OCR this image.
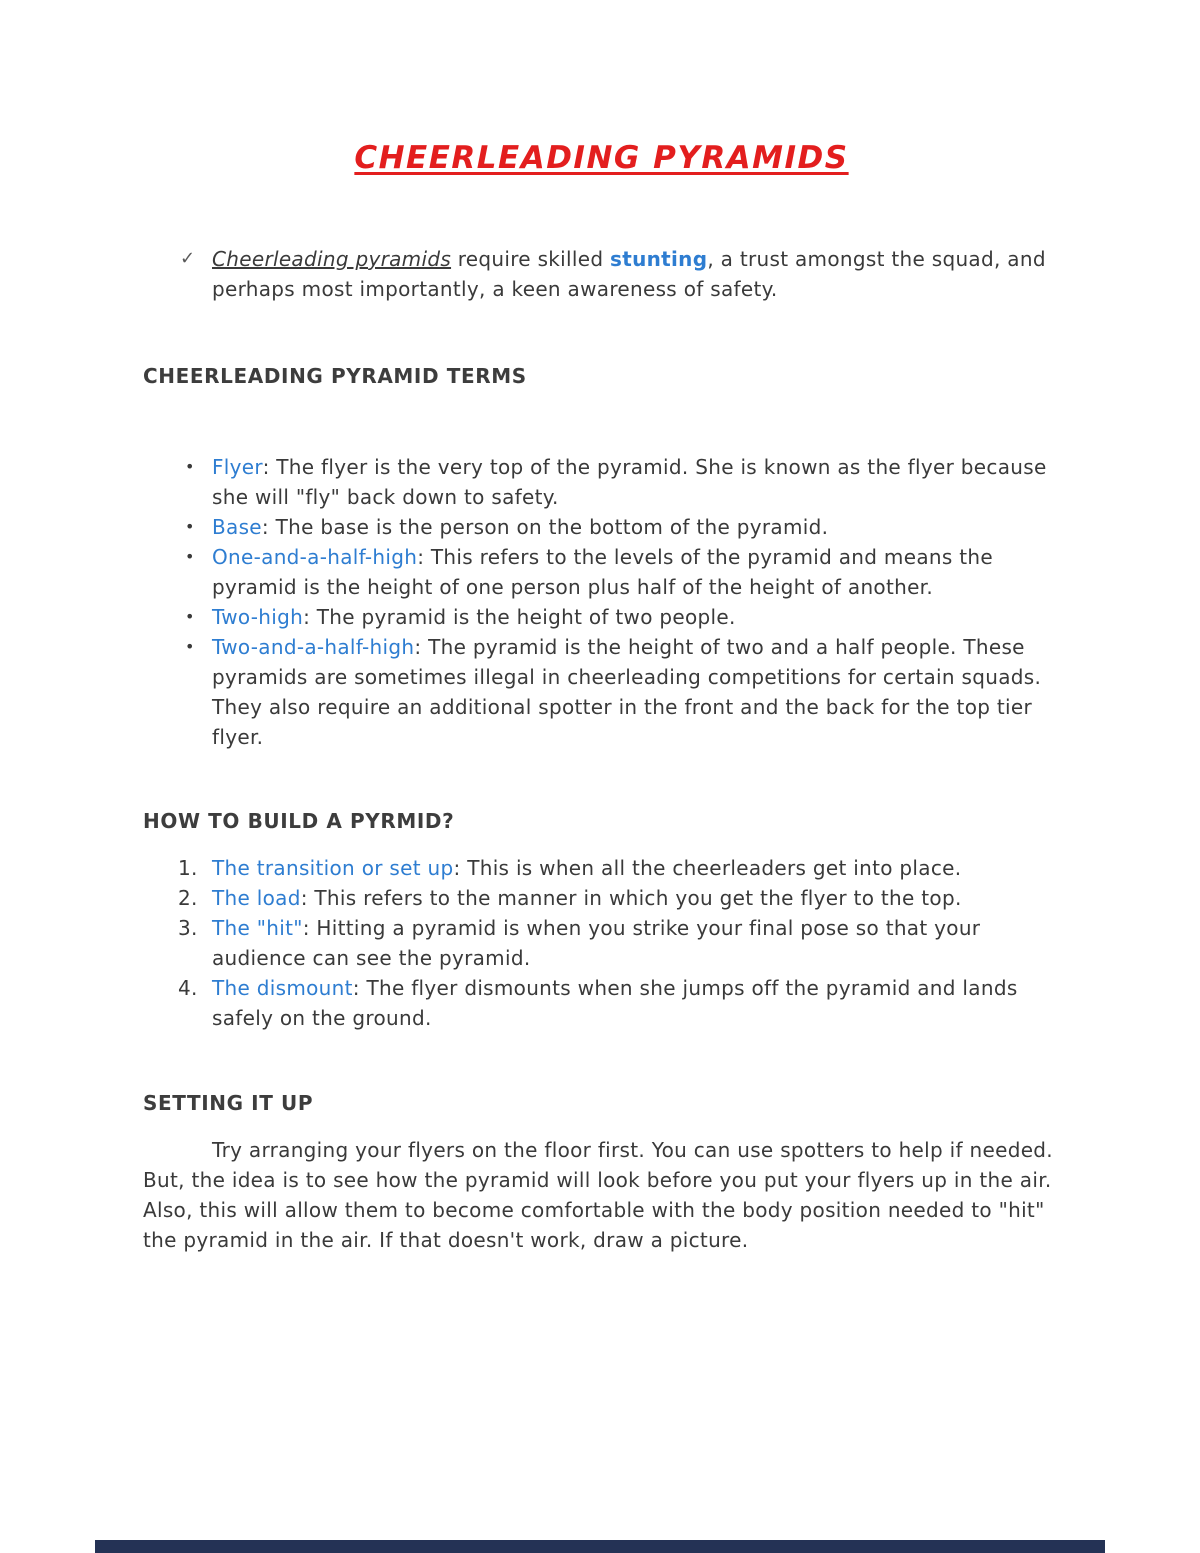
CHEERLEADING PYRAMIDS
✓ Cheerleading pyramids require skilled stunting, a trust amongst the squad, and perhaps most importantly, a keen awareness of safety.

CHEERLEADING PYRAMID TERMS
• Flyer: The flyer is the very top of the pyramid. She is known as the flyer because she will "fly" back down to safety.

• Base: The base is the person on the bottom of the pyramid.

• One-and-a-half-high: This refers to the levels of the pyramid and means the pyramid is the height of one person plus half of the height of another.

• Two-high: The pyramid is the height of two people.

• Two-and-a-half-high: The pyramid is the height of two and a half people. These pyramids are sometimes illegal in cheerleading competitions for certain squads. They also require an additional spotter in the front and the back for the top tier flyer.

HOW TO BUILD A PYRMID?
1. The transition or set up: This is when all the cheerleaders get into place.

2. The load: This refers to the manner in which you get the flyer to the top.

3. The "hit": Hitting a pyramid is when you strike your final pose so that your audience can see the pyramid.

4. The dismount: The flyer dismounts when she jumps off the pyramid and lands safely on the ground.

SETTING IT UP

Try arranging your flyers on the floor first. You can use spotters to help if needed. But, the idea is to see how the pyramid will look before you put your flyers up in the air. Also, this will allow them to become comfortable with the body position needed to "hit" the pyramid in the air. If that doesn't work, draw a picture.
